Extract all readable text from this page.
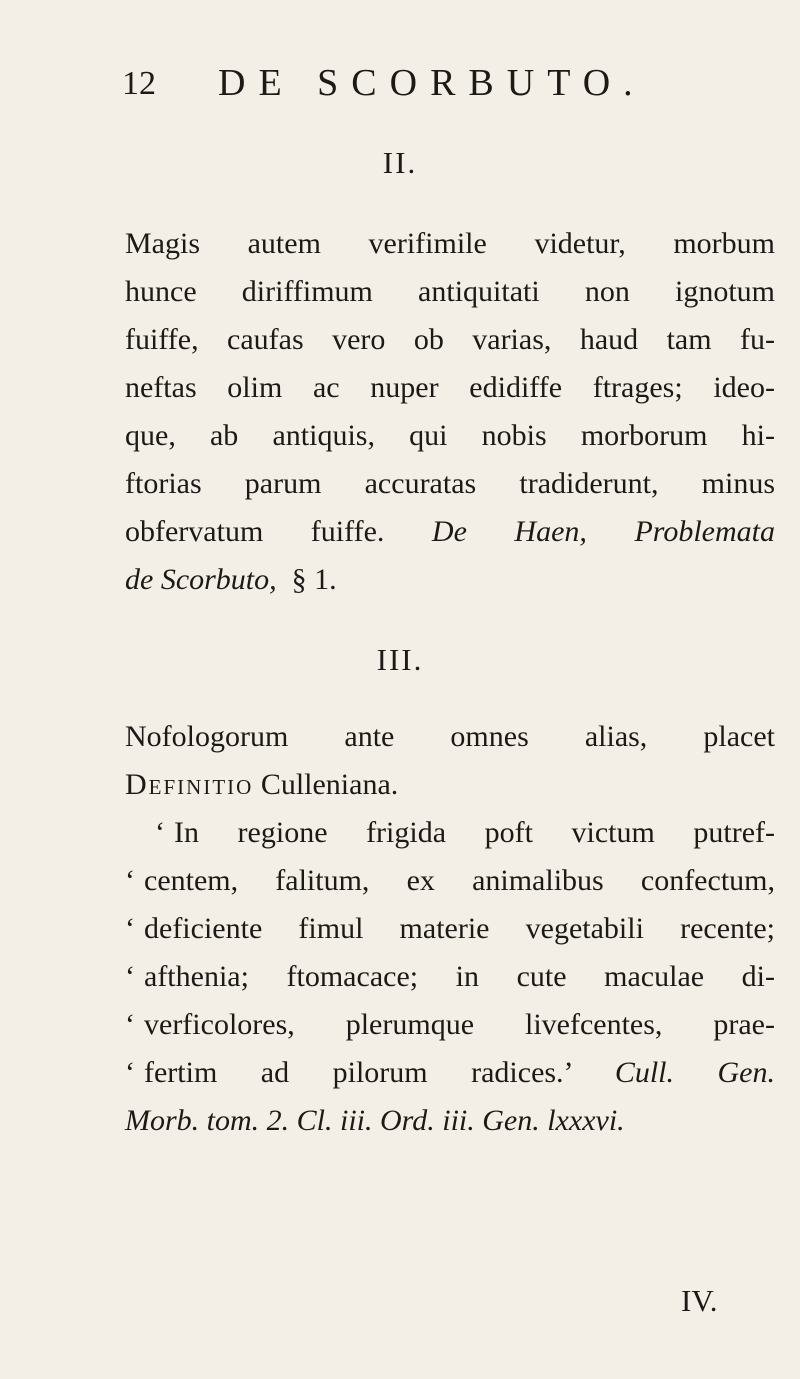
12 DE SCORBUTO.
II.
Magis autem verifimile videtur, morbum
hunce diriffimum antiquitati non ignotum
fuiffe, caufas vero ob varias, haud tam fu-
neftas olim ac nuper edidiffe ftrages; ideo-
que, ab antiquis, qui nobis morborum hi-
ftorias parum accuratas tradiderunt, minus
obfervatum fuiffe. De Haen, Problemata
de Scorbuto, § 1.
III.
Nofologorum ante omnes alias, placet
Definitio Culleniana.
‘ In regione frigida poft victum putref-
‘ centem, falitum, ex animalibus confectum,
‘ deficiente fimul materie vegetabili recente;
‘ afthenia; ftomacace; in cute maculae di-
‘ verficolores, plerumque livefcentes, prae-
‘ fertim ad pilorum radices.’ Cull. Gen.
Morb. tom. 2. Cl. iii. Ord. iii. Gen. lxxxvi.
IV.
